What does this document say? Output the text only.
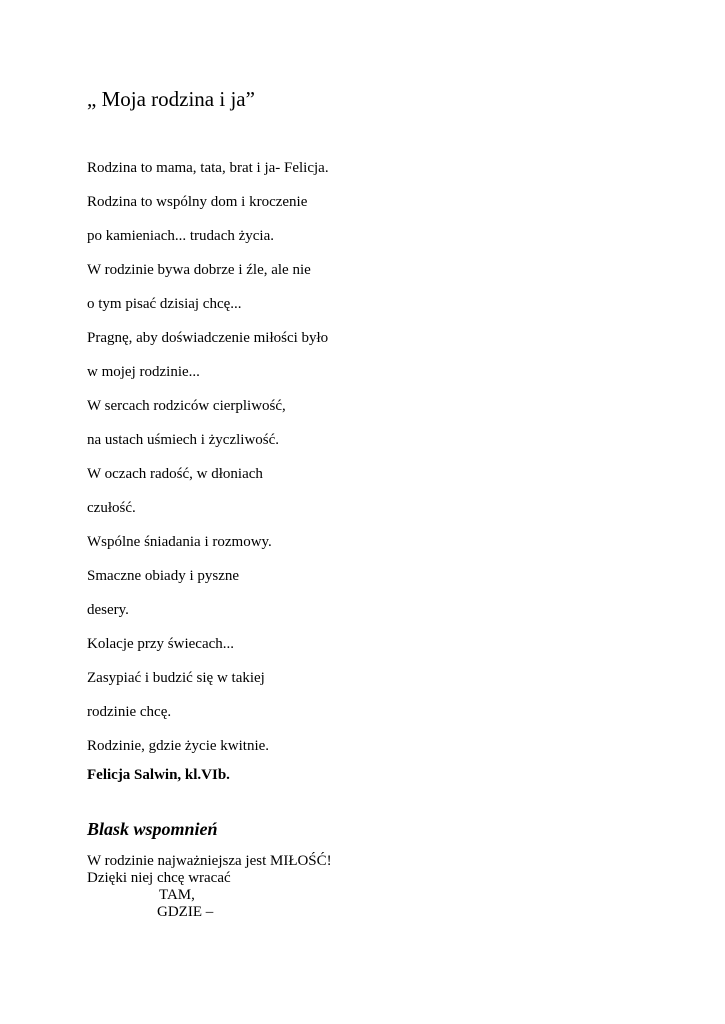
„ Moja rodzina i ja”
Rodzina to mama, tata, brat i ja- Felicja.
Rodzina to wspólny dom i kroczenie
po kamieniach... trudach życia.
W rodzinie bywa dobrze i źle, ale nie
o tym pisać dzisiaj chcę...
Pragnę, aby doświadczenie miłości było
w mojej rodzinie...
W sercach rodziców cierpliwość,
na ustach uśmiech i życzliwość.
W oczach radość, w dłoniach
czułość.
Wspólne śniadania i rozmowy.
Smaczne obiady i pyszne
desery.
Kolacje przy świecach...
Zasypiać i budzić się w takiej
rodzinie chcę.
Rodzinie, gdzie życie kwitnie.
Felicja Salwin, kl.VIb.
Blask wspomnień
W rodzinie najważniejsza jest MIŁOŚĆ!
Dzięki niej chcę wracać
TAM,
GDZIE –
